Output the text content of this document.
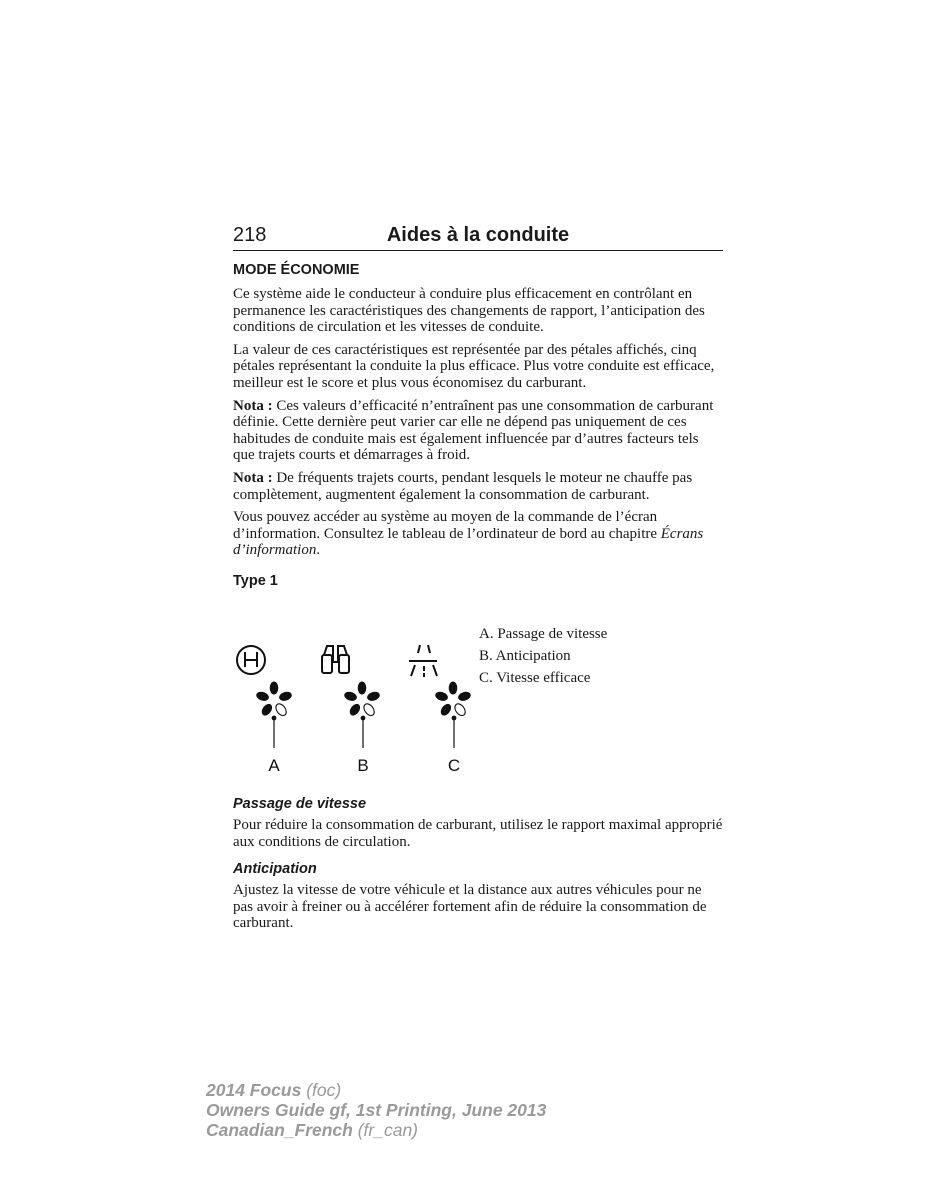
218	Aides à la conduite
MODE ÉCONOMIE

Ce système aide le conducteur à conduire plus efficacement en contrôlant en permanence les caractéristiques des changements de rapport, l’anticipation des conditions de circulation et les vitesses de conduite.

La valeur de ces caractéristiques est représentée par des pétales affichés, cinq pétales représentant la conduite la plus efficace. Plus votre conduite est efficace, meilleur est le score et plus vous économisez du carburant.

Nota : Ces valeurs d’efficacité n’entraînent pas une consommation de carburant définie. Cette dernière peut varier car elle ne dépend pas uniquement de ces habitudes de conduite mais est également influencée par d’autres facteurs tels que trajets courts et démarrages à froid.

Nota : De fréquents trajets courts, pendant lesquels le moteur ne chauffe pas complètement, augmentent également la consommation de carburant.

Vous pouvez accéder au système au moyen de la commande de l’écran d’information. Consultez le tableau de l’ordinateur de bord au chapitre Écrans d’information.

Type 1
A	B	C
A. Passage de vitesse
B. Anticipation
C. Vitesse efficace
Passage de vitesse

Pour réduire la consommation de carburant, utilisez le rapport maximal approprié aux conditions de circulation.

Anticipation

Ajustez la vitesse de votre véhicule et la distance aux autres véhicules pour ne pas avoir à freiner ou à accélérer fortement afin de réduire la consommation de carburant.

2014 Focus (foc)
Owners Guide gf, 1st Printing, June 2013
Canadian_French (fr_can)
